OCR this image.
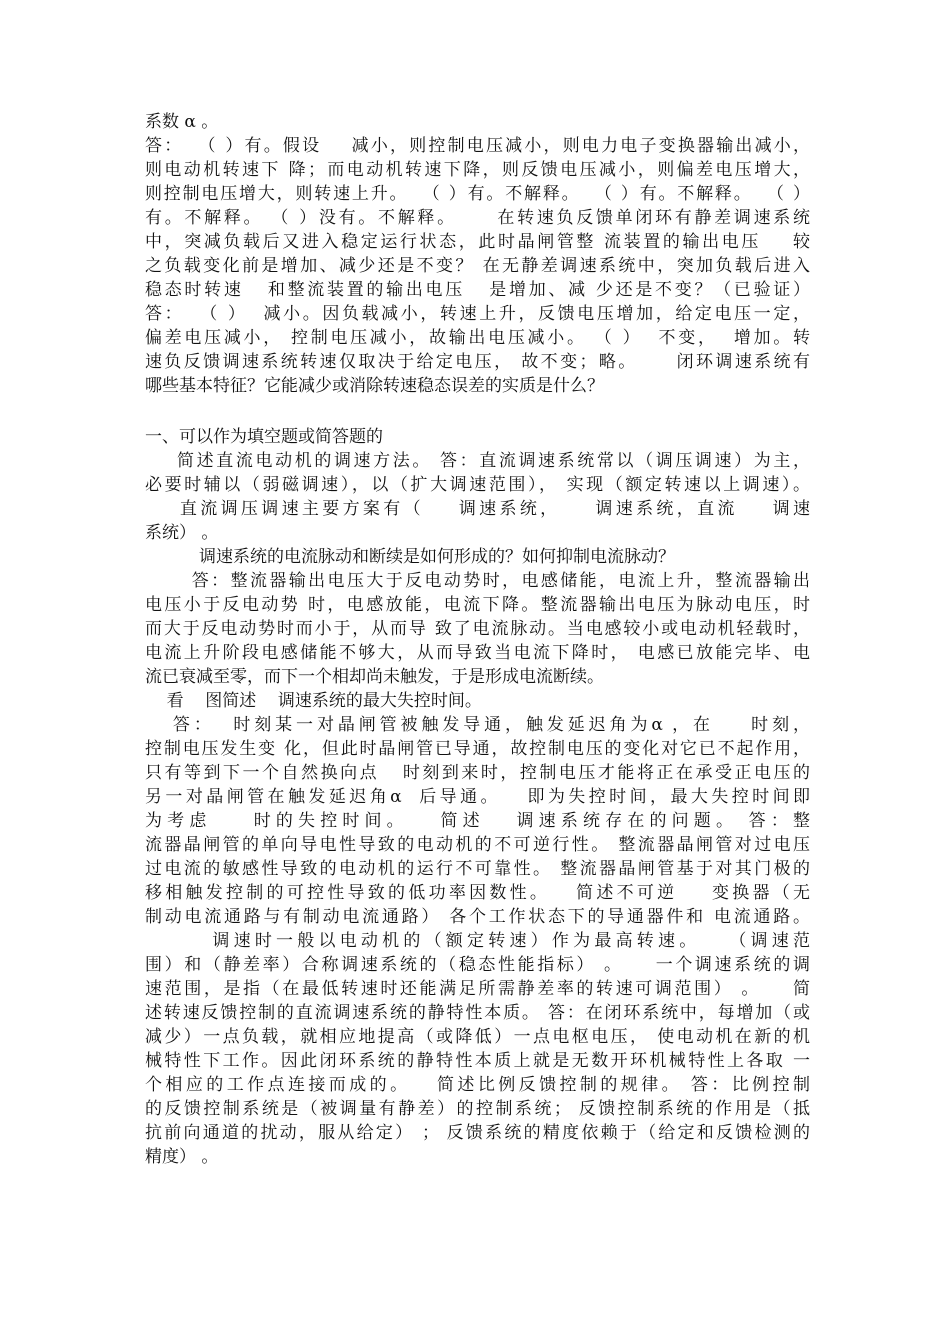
系数 α 。
答：  （ ）有。假设    减小，则控制电压减小，则电力电子变换器输出减小，
则电动机转速下 降；而电动机转速下降，则反馈电压减小，则偏差电压增大，
则控制电压增大，则转速上升。  （ ）有。不解释。  （ ）有。不解释。  （ ）
有。不解释。 （ ）没有。不解释。     在转速负反馈单闭环有静差调速系统
中，突减负载后又进入稳定运行状态，此时晶闸管整 流装置的输出电压    较
之负载变化前是增加、减少还是不变？ 在无静差调速系统中，突加负载后进入
稳态时转速   和整流装置的输出电压   是增加、减 少还是不变？（已验证）
答：  （ ）  减小。因负载减小，转速上升，反馈电压增加，给定电压一定，
偏差电压减小， 控制电压减小，故输出电压减小。 （ ）  不变，  增加。转
速负反馈调速系统转速仅取决于给定电压， 故不变；略。     闭环调速系统有
哪些基本特征？它能减少或消除转速稳态误差的实质是什么？
一、可以作为填空题或简答题的
简述直流电动机的调速方法。 答：直流调速系统常以（调压调速）为主，
必要时辅以（弱磁调速），以（扩大调速范围）， 实现（额定转速以上调速）。
直流调压调速主要方案有（    调速系统，    调速系统，直流    调速
系统） 。
调速系统的电流脉动和断续是如何形成的？如何抑制电流脉动？
答：整流器输出电压大于反电动势时，电感储能，电流上升，整流器输出
电压小于反电动势 时，电感放能，电流下降。整流器输出电压为脉动电压，时
而大于反电动势时而小于，从而导 致了电流脉动。当电感较小或电动机轻载时，
电流上升阶段电感储能不够大，从而导致当电流下降时， 电感已放能完毕、电
流已衰减至零，而下一个相却尚未触发，于是形成电流断续。
看    图简述    调速系统的最大失控时间。
答：  时刻某一对晶闸管被触发导通，触发延迟角为α ，在    时刻，
控制电压发生变 化，但此时晶闸管已导通，故控制电压的变化对它已不起作用，
只有等到下一个自然换向点   时刻到来时，控制电压才能将正在承受正电压的
另一对晶闸管在触发延迟角α  后导通。   即为失控时间，最大失控时间即
为考虑    时的失控时间。   简述   调速系统存在的问题。 答：整
流器晶闸管的单向导电性导致的电动机的不可逆行性。 整流器晶闸管对过电压
过电流的敏感性导致的电动机的运行不可靠性。 整流器晶闸管基于对其门极的
移相触发控制的可控性导致的低功率因数性。   简述不可逆    变换器（无
制动电流通路与有制动电流通路） 各个工作状态下的导通器件和 电流通路。
调速时一般以电动机的（额定转速）作为最高转速。   （调速范
围）和（静差率）合称调速系统的（稳态性能指标） 。    一个调速系统的调
速范围，是指（在最低转速时还能满足所需静差率的转速可调范围） 。    简
述转速反馈控制的直流调速系统的静特性本质。 答：在闭环系统中，每增加（或
减少）一点负载，就相应地提高（或降低）一点电枢电压， 使电动机在新的机
械特性下工作。因此闭环系统的静特性本质上就是无数开环机械特性上各取 一
个相应的工作点连接而成的。   简述比例反馈控制的规律。 答：比例控制
的反馈控制系统是（被调量有静差）的控制系统； 反馈控制系统的作用是（抵
抗前向通道的扰动，服从给定） ； 反馈系统的精度依赖于（给定和反馈检测的
精度） 。
